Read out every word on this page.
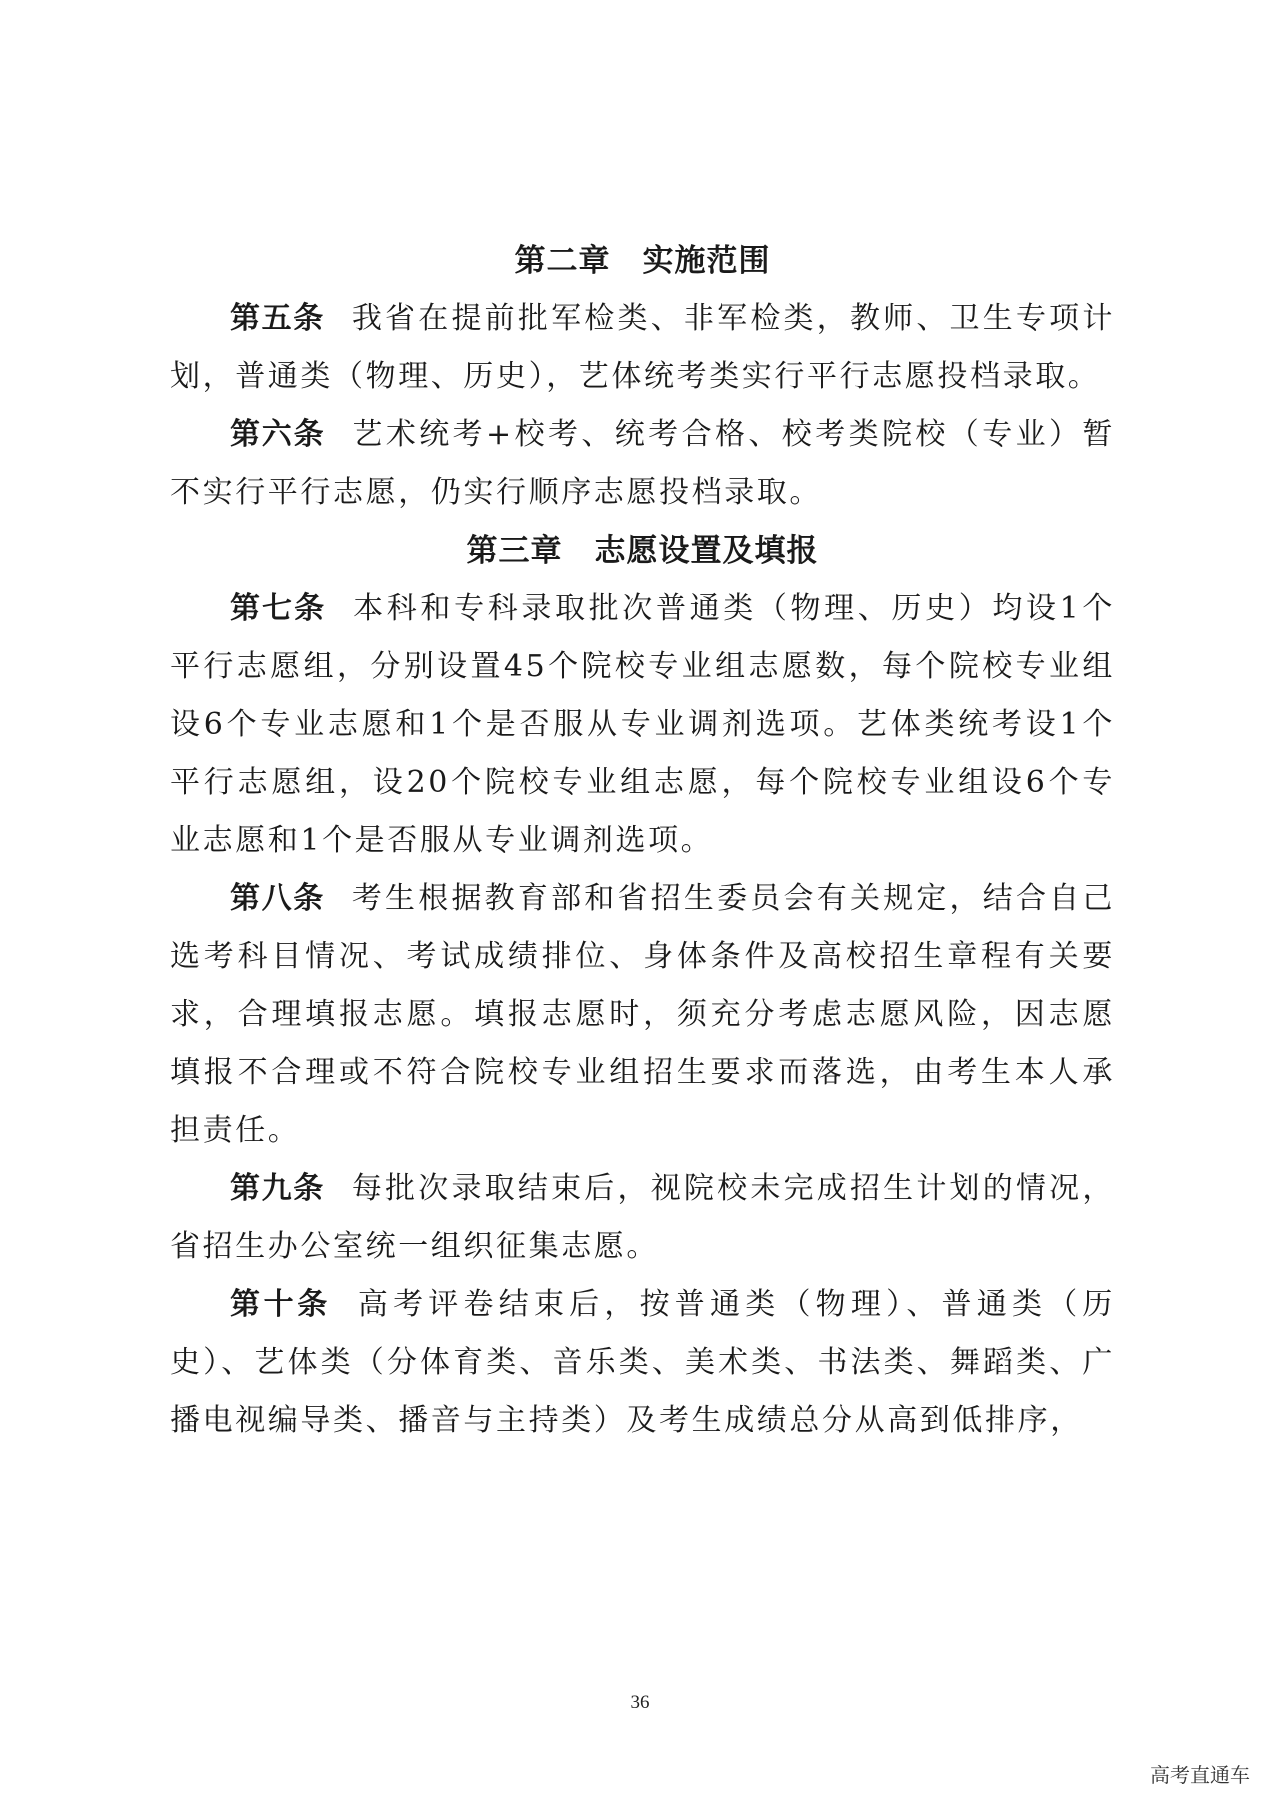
第二章　实施范围

第五条 我省在提前批军检类、非军检类，教师、卫生专项计划，普通类（物理、历史），艺体统考类实行平行志愿投档录取。

第六条 艺术统考+校考、统考合格、校考类院校（专业）暂不实行平行志愿，仍实行顺序志愿投档录取。

第三章　志愿设置及填报

第七条 本科和专科录取批次普通类（物理、历史）均设1个平行志愿组，分别设置45个院校专业组志愿数，每个院校专业组设6个专业志愿和1个是否服从专业调剂选项。艺体类统考设1个平行志愿组，设20个院校专业组志愿，每个院校专业组设6个专业志愿和1个是否服从专业调剂选项。

第八条 考生根据教育部和省招生委员会有关规定，结合自己选考科目情况、考试成绩排位、身体条件及高校招生章程有关要求，合理填报志愿。填报志愿时，须充分考虑志愿风险，因志愿填报不合理或不符合院校专业组招生要求而落选，由考生本人承担责任。

第九条 每批次录取结束后，视院校未完成招生计划的情况，省招生办公室统一组织征集志愿。

第十条 高考评卷结束后，按普通类（物理）、普通类（历史）、艺体类（分体育类、音乐类、美术类、书法类、舞蹈类、广播电视编导类、播音与主持类）及考生成绩总分从高到低排序，

36
高考直通车
